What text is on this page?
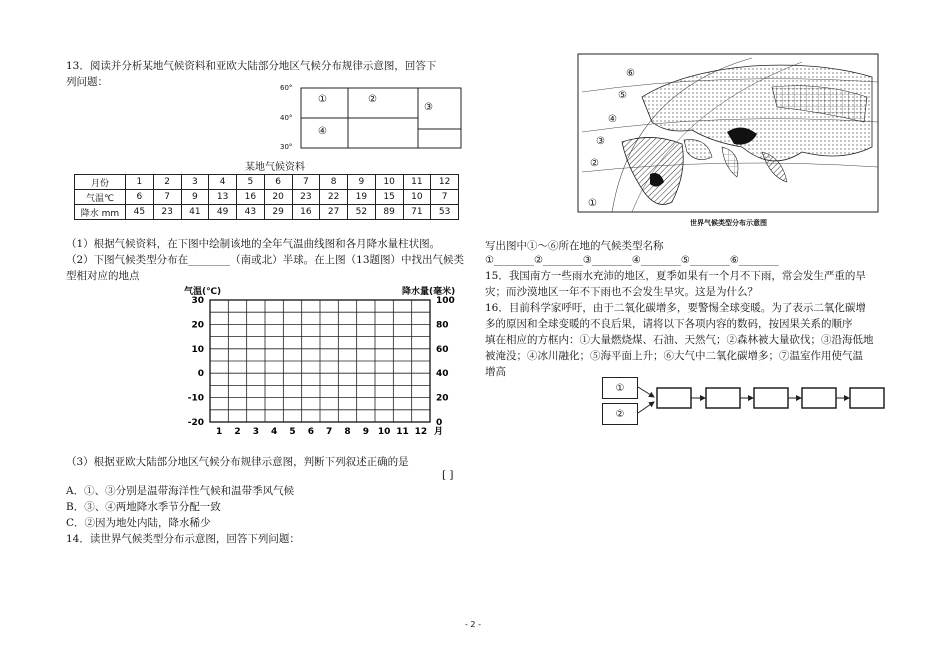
13．阅读并分析某地气候资料和亚欧大陆部分地区气候分布规律示意图，回答下
列问题：	60°
40°
30°
①	②
③
④
某地气候资料
月份	1	2	3	4	5	6	7	8	9	10	11	12
气温℃	6	7	9	13	16	20	23	22	19	15	10	7
降水 mm	45	23	41	49	43	29	16	27	52	89	71	53
（1）根据气候资料，在下图中绘制该地的全年气温曲线图和各月降水量柱状图。
（2）下图气候类型分布在________（南或北）半球。在上图（13题图）中找出气候类
型相对应的地点
气温(℃)	降水量(毫米)
30
20
10
0
-10
-20
100
80
60
40
20
0
1 2 3 4 5 6 7 8 9 10 11 12 月
（3）根据亚欧大陆部分地区气候分布规律示意图，判断下列叙述正确的是
[ ]
A．①、③分别是温带海洋性气候和温带季风气候
B．③、④两地降水季节分配一致
C．②因为地处内陆，降水稀少
14．读世界气候类型分布示意图，回答下列问题：
⑥
⑤
④
③
②
①
世界气候类型分布示意图
写出图中①～⑥所在地的气候类型名称
①________②________③________④________⑤________⑥________
15．我国南方一些雨水充沛的地区，夏季如果有一个月不下雨，常会发生严重的旱
灾；而沙漠地区一年不下雨也不会发生旱灾。这是为什么？
16．目前科学家呼吁，由于二氧化碳增多，要警惕全球变暖。为了表示二氧化碳增
多的原因和全球变暖的不良后果，请将以下各项内容的数码，按因果关系的顺序
填在相应的方框内：①大量燃烧煤、石油、天然气；②森林被大量砍伐；③沿海低地
被淹没；④冰川融化；⑤海平面上升；⑥大气中二氧化碳增多；⑦温室作用使气温
增高
①
②
- 2 -
